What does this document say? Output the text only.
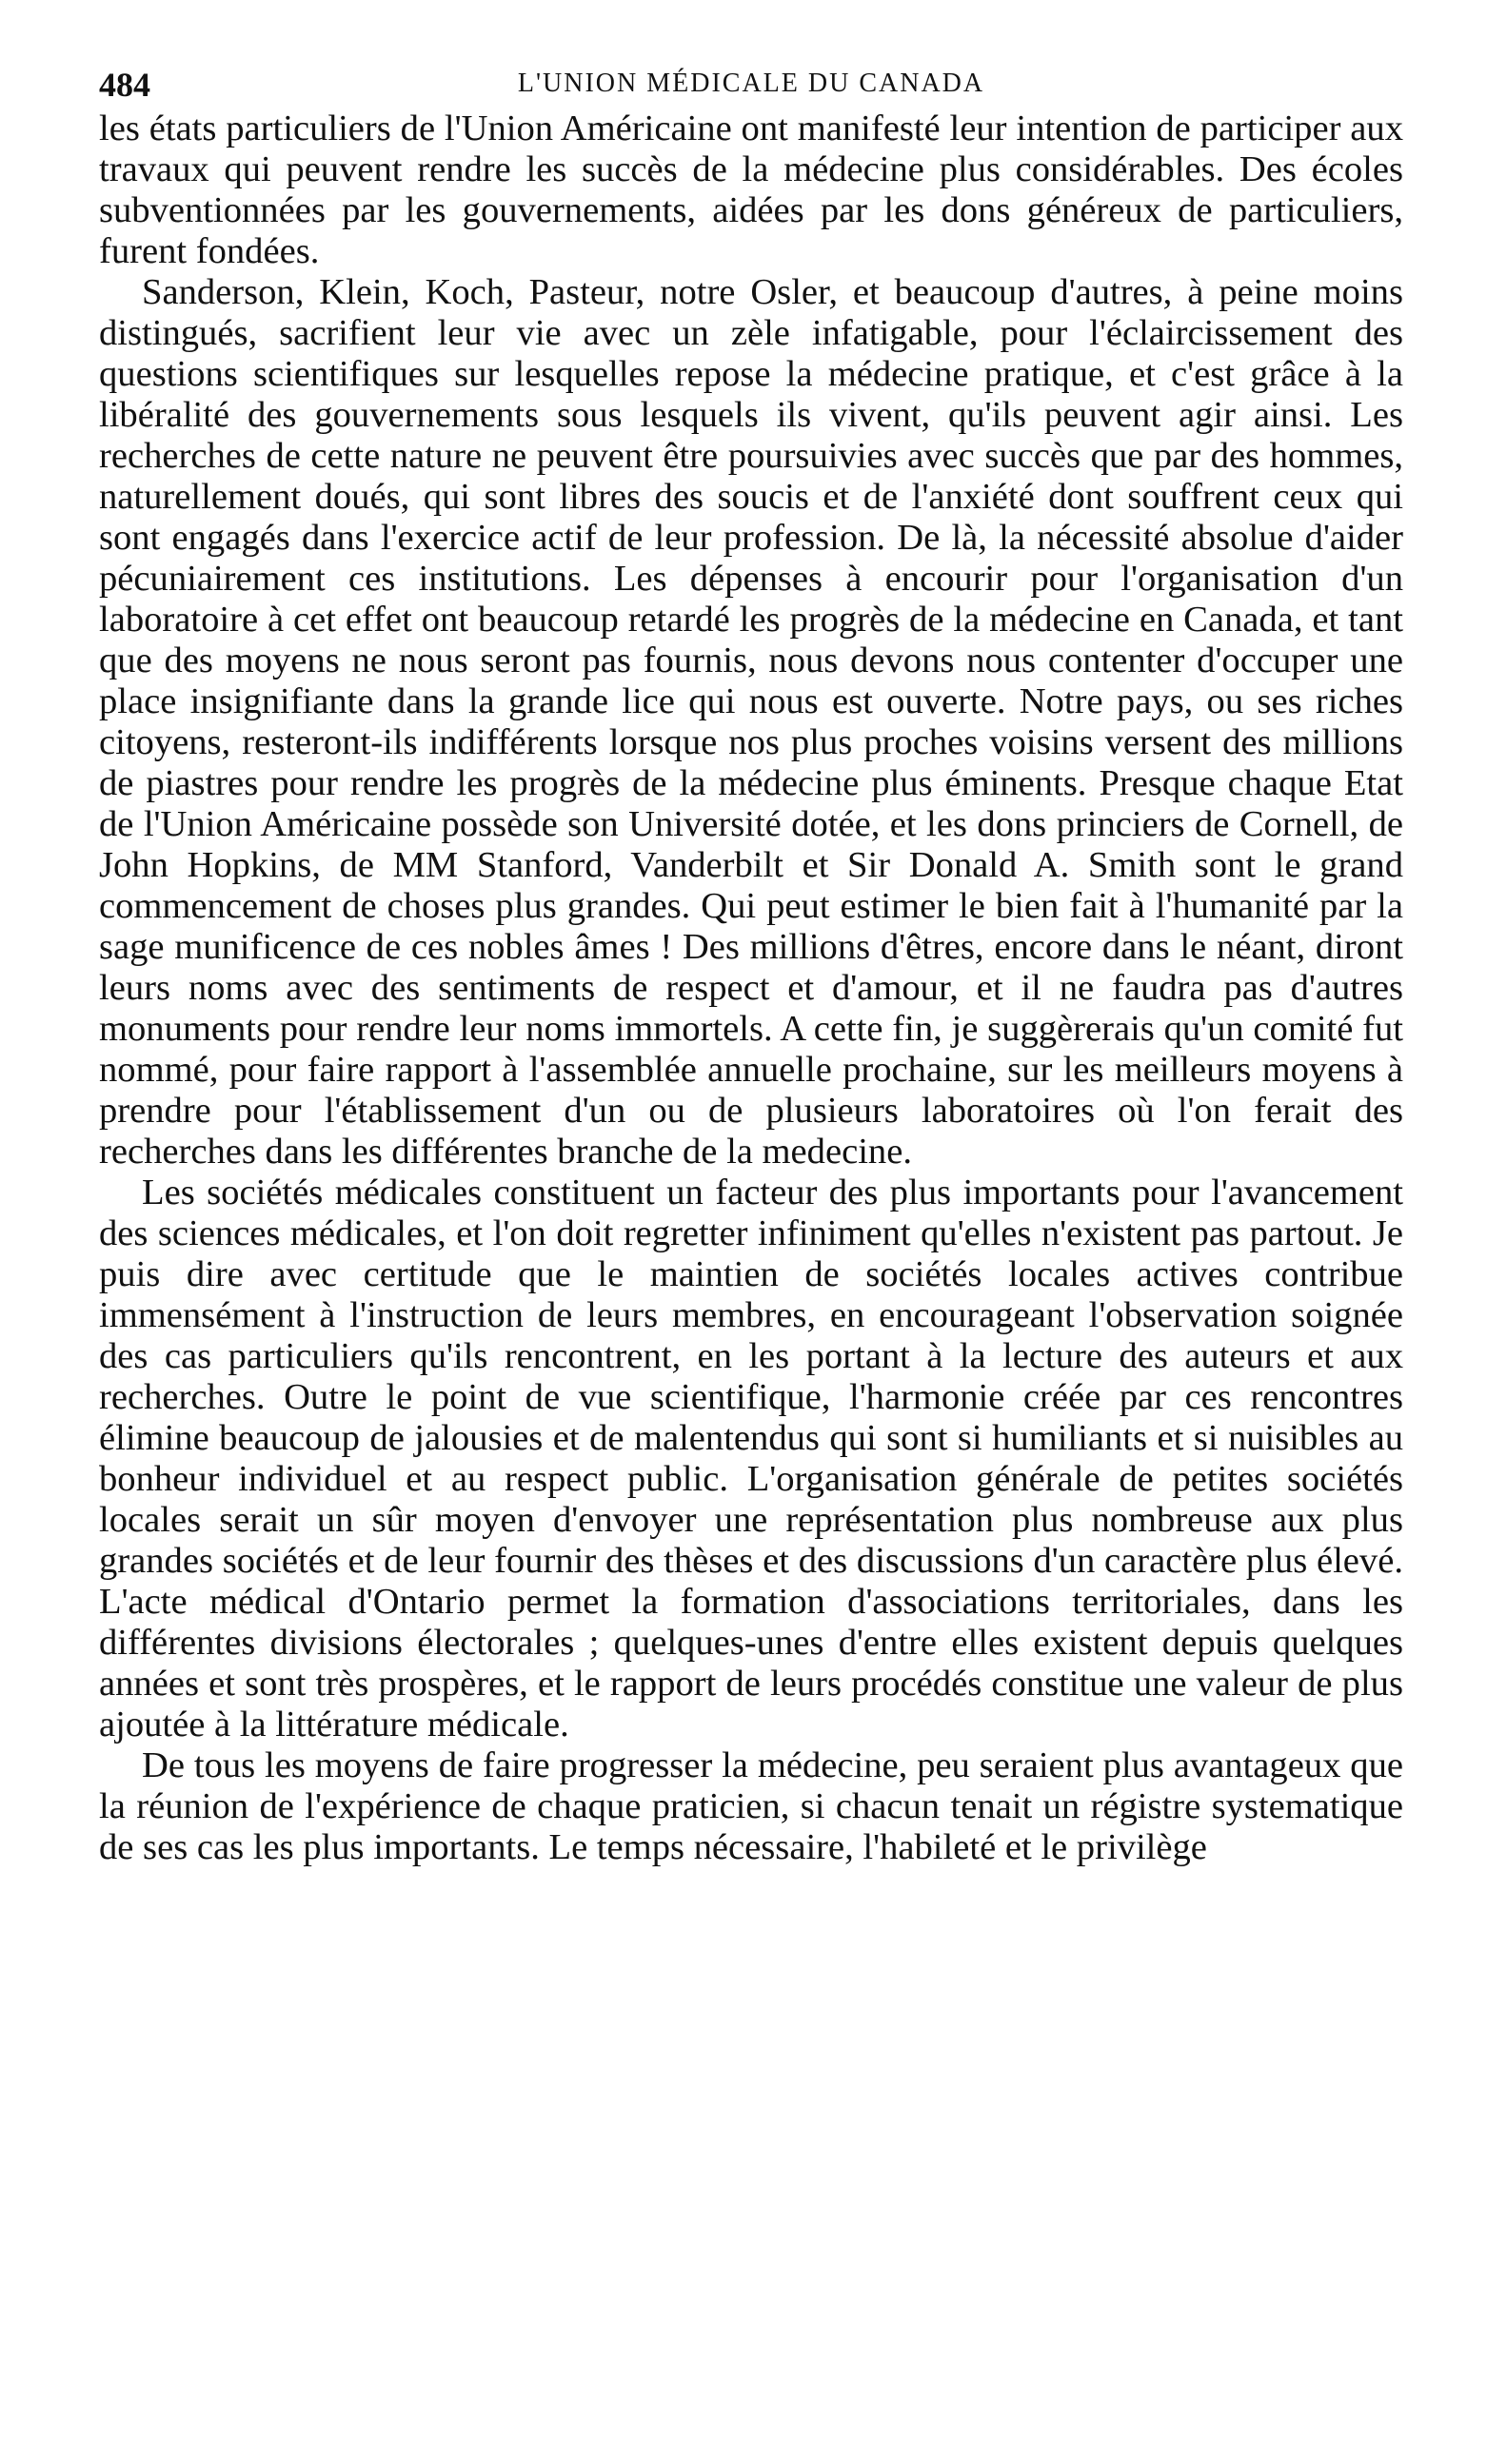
484	L'UNION MÉDICALE DU CANADA

les états particuliers de l'Union Américaine ont manifesté leur intention de participer aux travaux qui peuvent rendre les succès de la médecine plus considérables. Des écoles subventionnées par les gouvernements, aidées par les dons généreux de particuliers, furent fondées.

Sanderson, Klein, Koch, Pasteur, notre Osler, et beaucoup d'autres, à peine moins distingués, sacrifient leur vie avec un zèle infatigable, pour l'éclaircissement des questions scientifiques sur lesquelles repose la médecine pratique, et c'est grâce à la libéralité des gouvernements sous lesquels ils vivent, qu'ils peuvent agir ainsi. Les recherches de cette nature ne peuvent être poursuivies avec succès que par des hommes, naturellement doués, qui sont libres des soucis et de l'anxiété dont souffrent ceux qui sont engagés dans l'exercice actif de leur profession. De là, la nécessité absolue d'aider pécuniairement ces institutions. Les dépenses à encourir pour l'organisation d'un laboratoire à cet effet ont beaucoup retardé les progrès de la médecine en Canada, et tant que des moyens ne nous seront pas fournis, nous devons nous contenter d'occuper une place insignifiante dans la grande lice qui nous est ouverte. Notre pays, ou ses riches citoyens, resteront-ils indifférents lorsque nos plus proches voisins versent des millions de piastres pour rendre les progrès de la médecine plus éminents. Presque chaque Etat de l'Union Américaine possède son Université dotée, et les dons princiers de Cornell, de John Hopkins, de MM Stanford, Vanderbilt et Sir Donald A. Smith sont le grand commencement de choses plus grandes. Qui peut estimer le bien fait à l'humanité par la sage munificence de ces nobles âmes ! Des millions d'êtres, encore dans le néant, diront leurs noms avec des sentiments de respect et d'amour, et il ne faudra pas d'autres monuments pour rendre leur noms immortels. A cette fin, je suggèrerais qu'un comité fut nommé, pour faire rapport à l'assemblée annuelle prochaine, sur les meilleurs moyens à prendre pour l'établissement d'un ou de plusieurs laboratoires où l'on ferait des recherches dans les différentes branche de la medecine.

Les sociétés médicales constituent un facteur des plus importants pour l'avancement des sciences médicales, et l'on doit regretter infiniment qu'elles n'existent pas partout. Je puis dire avec certitude que le maintien de sociétés locales actives contribue immensément à l'instruction de leurs membres, en encourageant l'observation soignée des cas particuliers qu'ils rencontrent, en les portant à la lecture des auteurs et aux recherches. Outre le point de vue scientifique, l'harmonie créée par ces rencontres élimine beaucoup de jalousies et de malentendus qui sont si humiliants et si nuisibles au bonheur individuel et au respect public. L'organisation générale de petites sociétés locales serait un sûr moyen d'envoyer une représentation plus nombreuse aux plus grandes sociétés et de leur fournir des thèses et des discussions d'un caractère plus élevé. L'acte médical d'Ontario permet la formation d'associations territoriales, dans les différentes divisions électorales ; quelques-unes d'entre elles existent depuis quelques années et sont très prospères, et le rapport de leurs procédés constitue une valeur de plus ajoutée à la littérature médicale.

De tous les moyens de faire progresser la médecine, peu seraient plus avantageux que la réunion de l'expérience de chaque praticien, si chacun tenait un régistre systematique de ses cas les plus importants. Le temps nécessaire, l'habileté et le privilège
